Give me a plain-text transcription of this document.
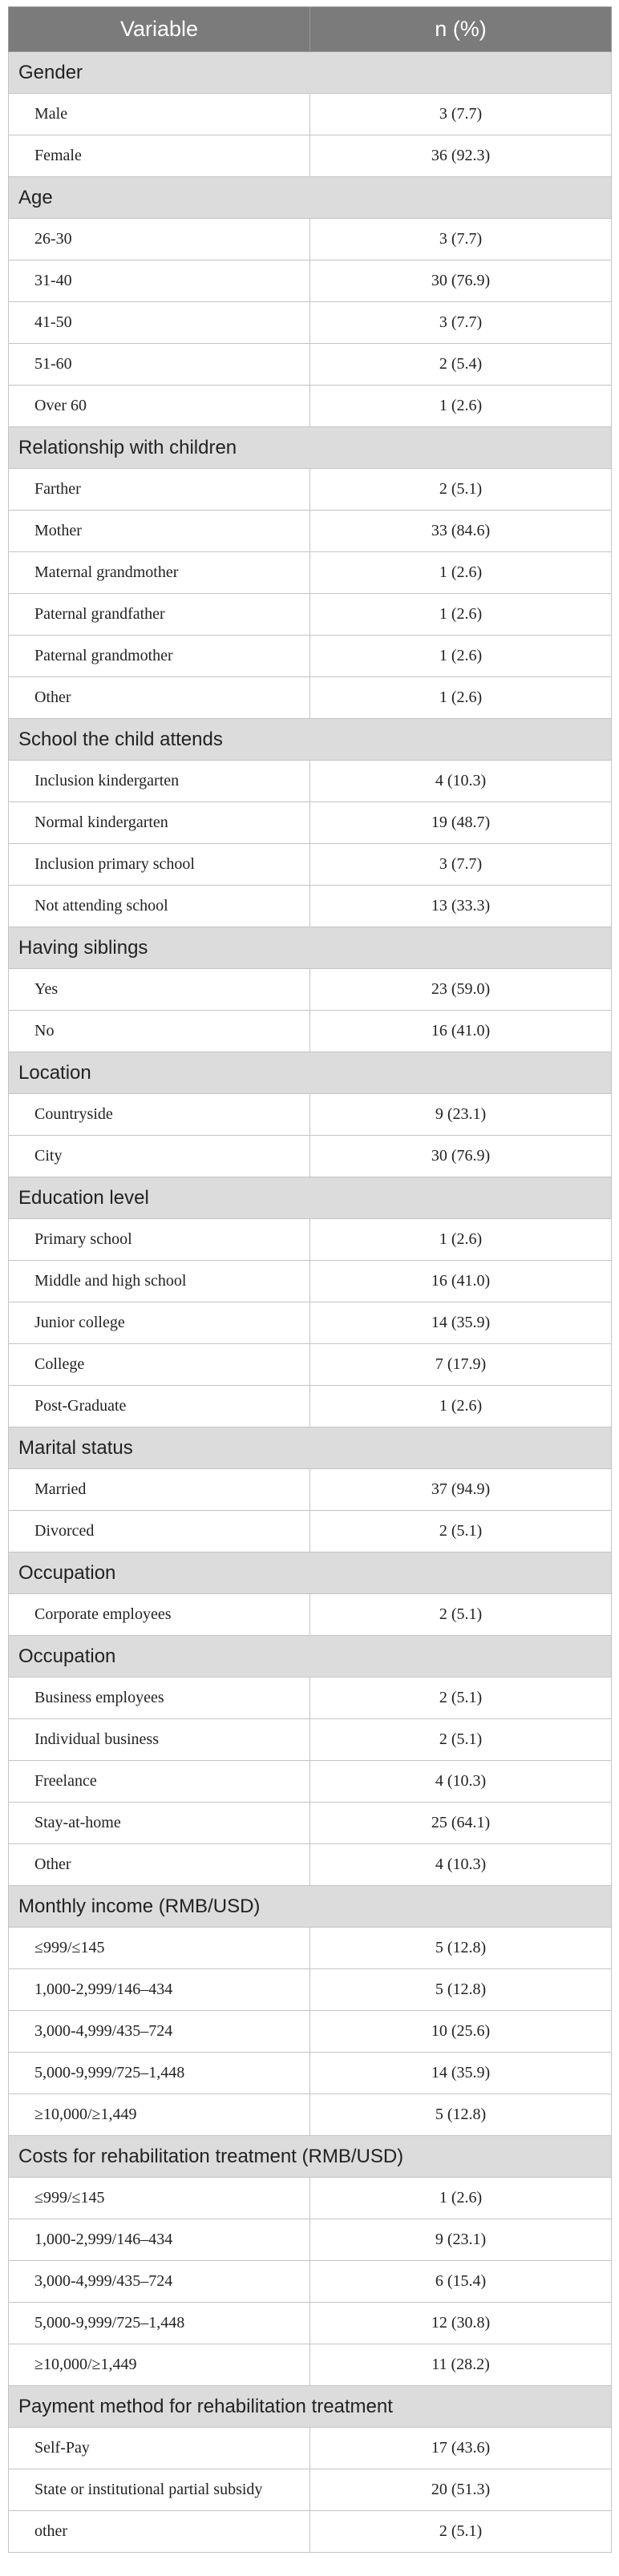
Variable	n (%)
Gender	
Male	3 (7.7)
Female	36 (92.3)
Age	
26-30	3 (7.7)
31-40	30 (76.9)
41-50	3 (7.7)
51-60	2 (5.4)
Over 60	1 (2.6)
Relationship with children	
Farther	2 (5.1)
Mother	33 (84.6)
Maternal grandmother	1 (2.6)
Paternal grandfather	1 (2.6)
Paternal grandmother	1 (2.6)
Other	1 (2.6)
School the child attends	
Inclusion kindergarten	4 (10.3)
Normal kindergarten	19 (48.7)
Inclusion primary school	3 (7.7)
Not attending school	13 (33.3)
Having siblings	
Yes	23 (59.0)
No	16 (41.0)
Location	
Countryside	9 (23.1)
City	30 (76.9)
Education level	
Primary school	1 (2.6)
Middle and high school	16 (41.0)
Junior college	14 (35.9)
College	7 (17.9)
Post-Graduate	1 (2.6)
Marital status	
Married	37 (94.9)
Divorced	2 (5.1)
Occupation	
Corporate employees	2 (5.1)
Occupation	
Business employees	2 (5.1)
Individual business	2 (5.1)
Freelance	4 (10.3)
Stay-at-home	25 (64.1)
Other	4 (10.3)
Monthly income (RMB/USD)	
≤999/≤145	5 (12.8)
1,000-2,999/146–434	5 (12.8)
3,000-4,999/435–724	10 (25.6)
5,000-9,999/725–1,448	14 (35.9)
≥10,000/≥1,449	5 (12.8)
Costs for rehabilitation treatment (RMB/USD)	
≤999/≤145	1 (2.6)
1,000-2,999/146–434	9 (23.1)
3,000-4,999/435–724	6 (15.4)
5,000-9,999/725–1,448	12 (30.8)
≥10,000/≥1,449	11 (28.2)
Payment method for rehabilitation treatment	
Self-Pay	17 (43.6)
State or institutional partial subsidy	20 (51.3)
other	2 (5.1)
